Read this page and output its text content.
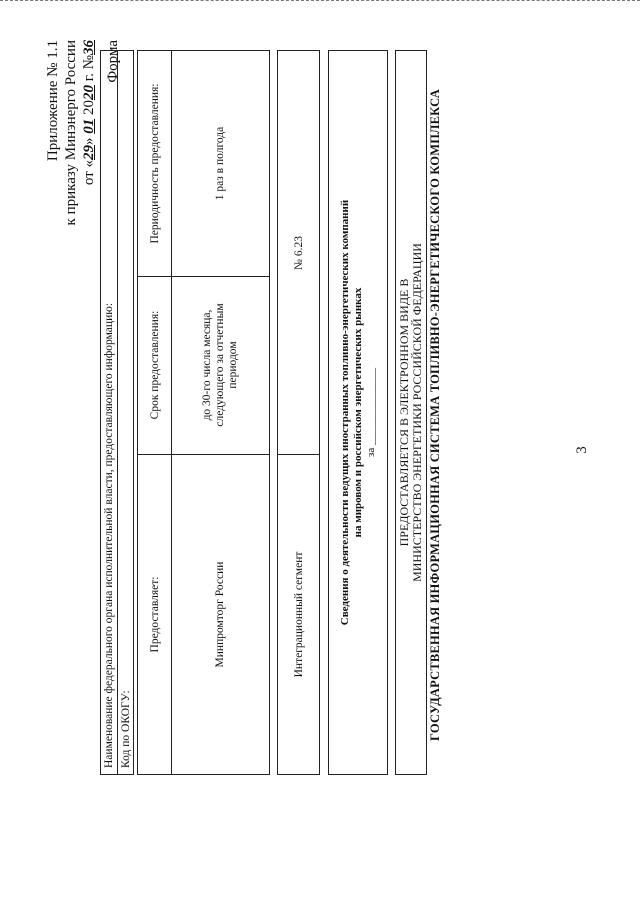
3
Приложение № 1.1 к приказу Минэнерго России от «29» 01 2020 г. №36 Форма
ГОСУДАРСТВЕННАЯ ИНФОРМАЦИОННАЯ СИСТЕМА ТОПЛИВНО-ЭНЕРГЕТИЧЕСКОГО КОМПЛЕКСА
ПРЕДОСТАВЛЯЕТСЯ В ЭЛЕКТРОННОМ ВИДЕ В МИНИСТЕРСТВО ЭНЕРГЕТИКИ РОССИЙСКОЙ ФЕДЕРАЦИИ
Сведения о деятельности ведущих иностранных топливно-энергетических компаний на мировом и российском энергетических рынках за ______________
Интеграционный сегмент
№ 6.23
Предоставляет:	Минпромторг России
Срок предоставления:	до 30-го числа месяца, следующего за отчетным периодом
Периодичность предоставления:	1 раз в полгода
Наименование федерального органа исполнительной власти, предоставляющего информацию: Код по ОКОГУ:
